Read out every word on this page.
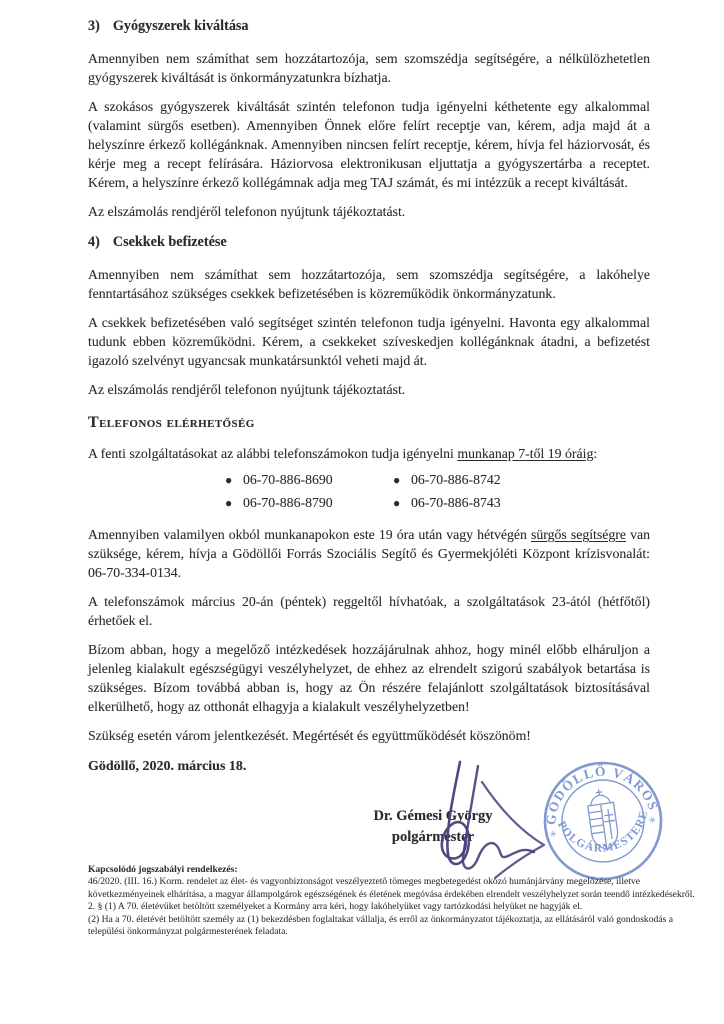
3) Gyógyszerek kiváltása

Amennyiben nem számíthat sem hozzátartozója, sem szomszédja segítségére, a nélkülözhetetlen gyógyszerek kiváltását is önkormányzatunkra bízhatja.

A szokásos gyógyszerek kiváltását szintén telefonon tudja igényelni kéthetente egy alkalommal (valamint sürgős esetben). Amennyiben Önnek előre felírt receptje van, kérem, adja majd át a helyszínre érkező kollégánknak. Amennyiben nincsen felírt receptje, kérem, hívja fel háziorvosát, és kérje meg a recept felírására. Háziorvosa elektronikusan eljuttatja a gyógyszertárba a receptet. Kérem, a helyszínre érkező kollégámnak adja meg TAJ számát, és mi intézzük a recept kiváltását.

Az elszámolás rendjéről telefonon nyújtunk tájékoztatást.

4) Csekkek befizetése

Amennyiben nem számíthat sem hozzátartozója, sem szomszédja segítségére, a lakóhelye fenntartásához szükséges csekkek befizetésében is közreműködik önkormányzatunk.

A csekkek befizetésében való segítséget szintén telefonon tudja igényelni. Havonta egy alkalommal tudunk ebben közreműködni. Kérem, a csekkeket szíveskedjen kollégánknak átadni, a befizetést igazoló szelvényt ugyancsak munkatársunktól veheti majd át.

Az elszámolás rendjéről telefonon nyújtunk tájékoztatást.

Telefonos elérhetőség

A fenti szolgáltatásokat az alábbi telefonszámokon tudja igényelni munkanap 7-től 19 óráig:

● 06-70-886-8690	● 06-70-886-8742
● 06-70-886-8790	● 06-70-886-8743

Amennyiben valamilyen okból munkanapokon este 19 óra után vagy hétvégén sürgős segítségre van szüksége, kérem, hívja a Gödöllői Forrás Szociális Segítő és Gyermekjóléti Központ krízisvonalát: 06-70-334-0134.

A telefonszámok március 20-án (péntek) reggeltől hívhatóak, a szolgáltatások 23-ától (hétfőtől) érhetőek el.

Bízom abban, hogy a megelőző intézkedések hozzájárulnak ahhoz, hogy minél előbb elháruljon a jelenleg kialakult egészségügyi veszélyhelyzet, de ehhez az elrendelt szigorú szabályok betartása is szükséges. Bízom továbbá abban is, hogy az Ön részére felajánlott szolgáltatások biztosításával elkerülhető, hogy az otthonát elhagyja a kialakult veszélyhelyzetben!

Szükség esetén várom jelentkezését. Megértését és együttműködését köszönöm!

Gödöllő, 2020. március 18.

Dr. Gémesi György
polgármester
GÖDÖLLŐ VÁROS
POLGÁRMESTERE
✳
✳

Kapcsolódó jogszabályi rendelkezés:

46/2020. (III. 16.) Korm. rendelet az élet- és vagyonbiztonságot veszélyeztető tömeges megbetegedést okozó humánjárvány megelőzése, illetve következményeinek elhárítása, a magyar állampolgárok egészségének és életének megóvása érdekében elrendelt veszélyhelyzet során teendő intézkedésekről.

2. § (1) A 70. életévüket betöltött személyeket a Kormány arra kéri, hogy lakóhelyüket vagy tartózkodási helyüket ne hagyják el.

(2) Ha a 70. életévét betöltött személy az (1) bekezdésben foglaltakat vállalja, és erről az önkormányzatot tájékoztatja, az ellátásáról való gondoskodás a települési önkormányzat polgármesterének feladata.
